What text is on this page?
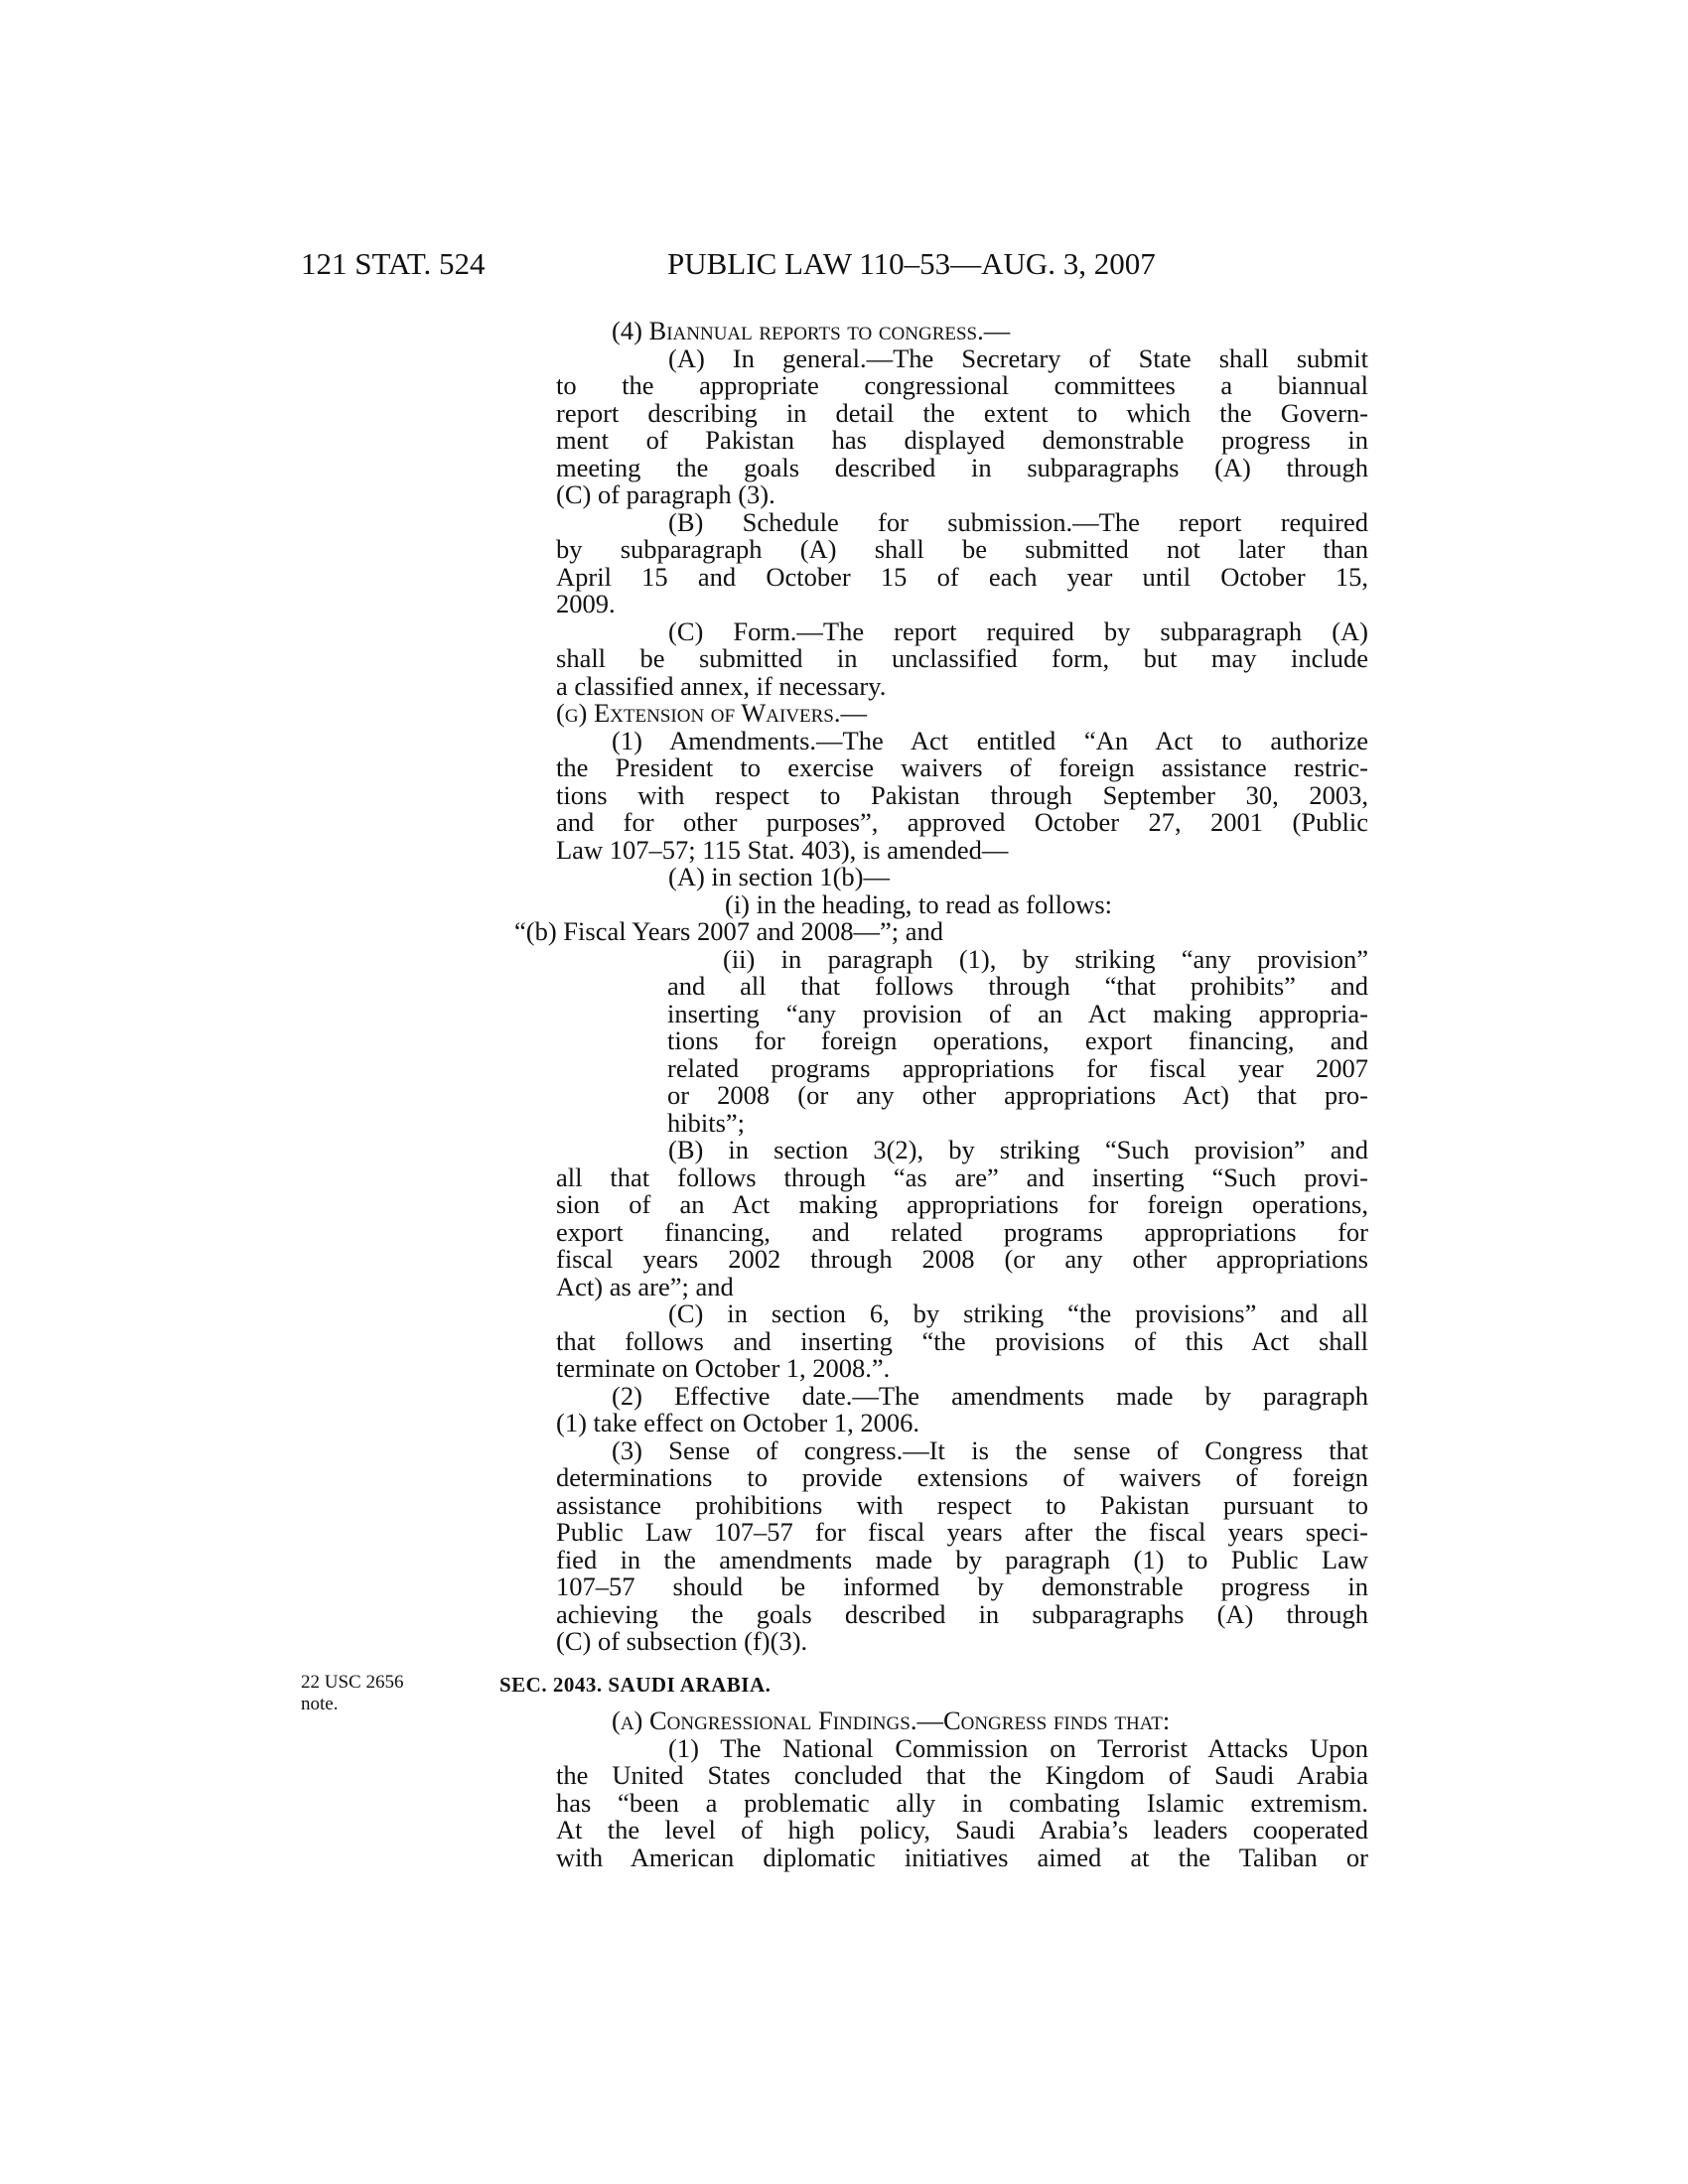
121 STAT. 524	PUBLIC LAW 110–53—AUG. 3, 2007

(4) Biannual reports to congress.—

(A) In general.—The Secretary of State shall submit

to the appropriate congressional committees a biannual

report describing in detail the extent to which the Govern-

ment of Pakistan has displayed demonstrable progress in

meeting the goals described in subparagraphs (A) through

(C) of paragraph (3).

(B) Schedule for submission.—The report required

by subparagraph (A) shall be submitted not later than

April 15 and October 15 of each year until October 15,

2009.

(C) Form.—The report required by subparagraph (A)

shall be submitted in unclassified form, but may include

a classified annex, if necessary.

(g) Extension of Waivers.—

(1) Amendments.—The Act entitled “An Act to authorize

the President to exercise waivers of foreign assistance restric-

tions with respect to Pakistan through September 30, 2003,

and for other purposes”, approved October 27, 2001 (Public

Law 107–57; 115 Stat. 403), is amended—

(A) in section 1(b)—

(i) in the heading, to read as follows:

“(b) Fiscal Years 2007 and 2008—”; and

(ii) in paragraph (1), by striking “any provision”

and all that follows through “that prohibits” and

inserting “any provision of an Act making appropria-

tions for foreign operations, export financing, and

related programs appropriations for fiscal year 2007

or 2008 (or any other appropriations Act) that pro-

hibits”;

(B) in section 3(2), by striking “Such provision” and

all that follows through “as are” and inserting “Such provi-

sion of an Act making appropriations for foreign operations,

export financing, and related programs appropriations for

fiscal years 2002 through 2008 (or any other appropriations

Act) as are”; and

(C) in section 6, by striking “the provisions” and all

that follows and inserting “the provisions of this Act shall

terminate on October 1, 2008.”.

(2) Effective date.—The amendments made by paragraph

(1) take effect on October 1, 2006.

(3) Sense of congress.—It is the sense of Congress that

determinations to provide extensions of waivers of foreign

assistance prohibitions with respect to Pakistan pursuant to

Public Law 107–57 for fiscal years after the fiscal years speci-

fied in the amendments made by paragraph (1) to Public Law

107–57 should be informed by demonstrable progress in

achieving the goals described in subparagraphs (A) through

(C) of subsection (f)(3).

22 USC 2656
note.
SEC. 2043. SAUDI ARABIA.

(a) Congressional Findings.—Congress finds that:

(1) The National Commission on Terrorist Attacks Upon

the United States concluded that the Kingdom of Saudi Arabia

has “been a problematic ally in combating Islamic extremism.

At the level of high policy, Saudi Arabia’s leaders cooperated

with American diplomatic initiatives aimed at the Taliban or
